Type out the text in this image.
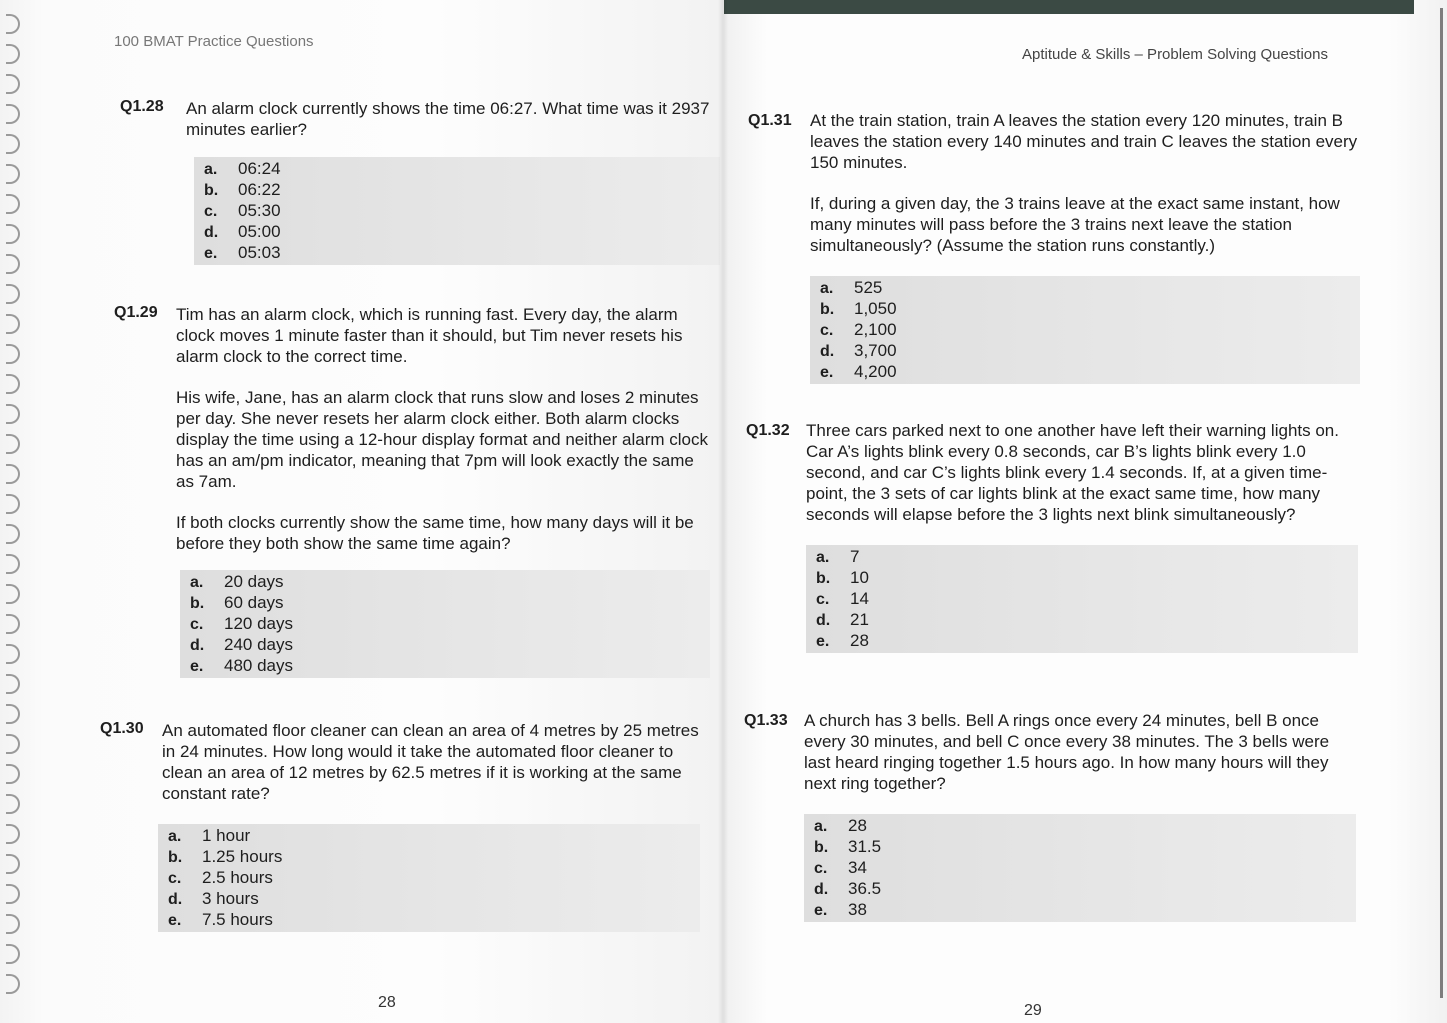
100 BMAT Practice Questions
Q1.28 An alarm clock currently shows the time 06:27. What time was it 2937 minutes earlier?

a. 06:24
b. 06:22
c. 05:30
d. 05:00
e. 05:03
Q1.29 Tim has an alarm clock, which is running fast. Every day, the alarm clock moves 1 minute faster than it should, but Tim never resets his alarm clock to the correct time.

His wife, Jane, has an alarm clock that runs slow and loses 2 minutes per day. She never resets her alarm clock either. Both alarm clocks display the time using a 12-hour display format and neither alarm clock has an am/pm indicator, meaning that 7pm will look exactly the same as 7am.

If both clocks currently show the same time, how many days will it be before they both show the same time again?

a. 20 days
b. 60 days
c. 120 days
d. 240 days
e. 480 days
Q1.30 An automated floor cleaner can clean an area of 4 metres by 25 metres in 24 minutes. How long would it take the automated floor cleaner to clean an area of 12 metres by 62.5 metres if it is working at the same constant rate?

a. 1 hour
b. 1.25 hours
c. 2.5 hours
d. 3 hours
e. 7.5 hours
28
Aptitude & Skills – Problem Solving Questions
Q1.31 At the train station, train A leaves the station every 120 minutes, train B leaves the station every 140 minutes and train C leaves the station every 150 minutes.

If, during a given day, the 3 trains leave at the exact same instant, how many minutes will pass before the 3 trains next leave the station simultaneously? (Assume the station runs constantly.)

a. 525
b. 1,050
c. 2,100
d. 3,700
e. 4,200
Q1.32 Three cars parked next to one another have left their warning lights on. Car A’s lights blink every 0.8 seconds, car B’s lights blink every 1.0 second, and car C’s lights blink every 1.4 seconds. If, at a given time-point, the 3 sets of car lights blink at the exact same time, how many seconds will elapse before the 3 lights next blink simultaneously?

a. 7
b. 10
c. 14
d. 21
e. 28
Q1.33 A church has 3 bells. Bell A rings once every 24 minutes, bell B once every 30 minutes, and bell C once every 38 minutes. The 3 bells were last heard ringing together 1.5 hours ago. In how many hours will they next ring together?

a. 28
b. 31.5
c. 34
d. 36.5
e. 38
29
